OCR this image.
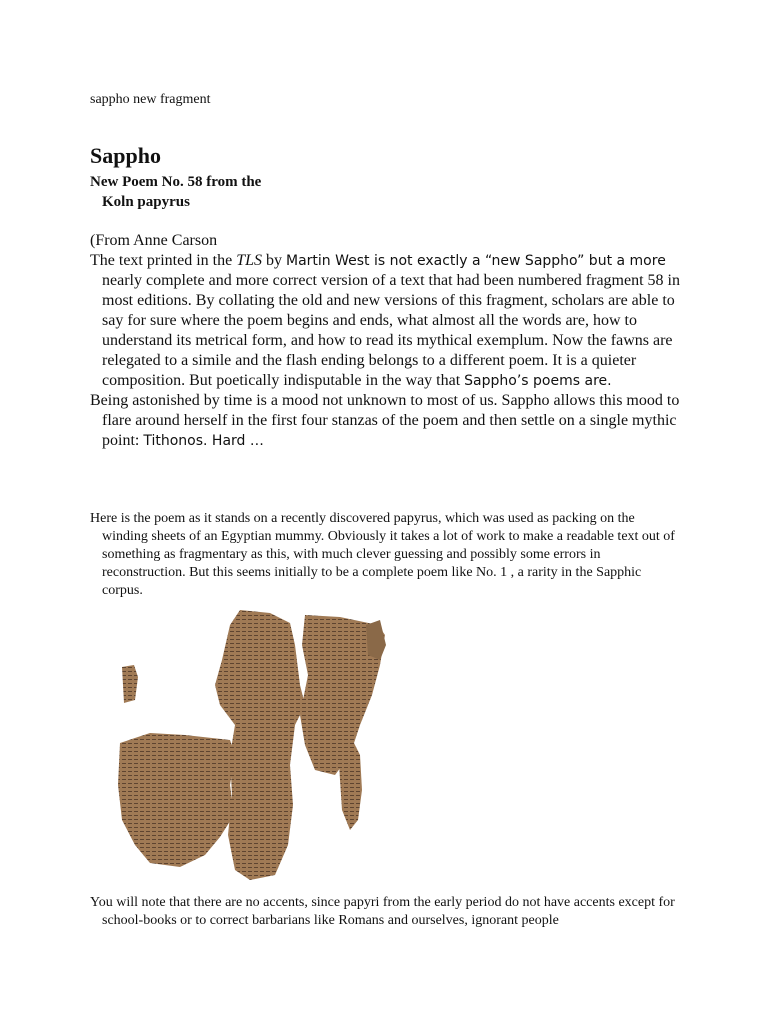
sappho new fragment
Sappho
New Poem No. 58 from the
Koln papyrus

(From Anne Carson

The text printed in the TLS by Martin West is not exactly a “new Sappho” but a more nearly complete and more correct version of a text that had been numbered fragment 58 in most editions. By collating the old and new versions of this fragment, scholars are able to say for sure where the poem begins and ends, what almost all the words are, how to understand its metrical form, and how to read its mythical exemplum. Now the fawns are relegated to a simile and the flash ending belongs to a different poem. It is a quieter composition. But poetically indisputable in the way that Sappho’s poems are.

Being astonished by time is a mood not unknown to most of us. Sappho allows this mood to flare around herself in the first four stanzas of the poem and then settle on a single mythic point: Tithonos. Hard …

Here is the poem as it stands on a recently discovered papyrus, which was used as packing on the winding sheets of an Egyptian mummy. Obviously it takes a lot of work to make a readable text out of something as fragmentary as this, with much clever guessing and possibly some errors in reconstruction. But this seems initially to be a complete poem like No. 1 , a rarity in the Sapphic corpus.

You will note that there are no accents, since papyri from the early period do not have accents except for school-books or to correct barbarians like Romans and ourselves, ignorant people
